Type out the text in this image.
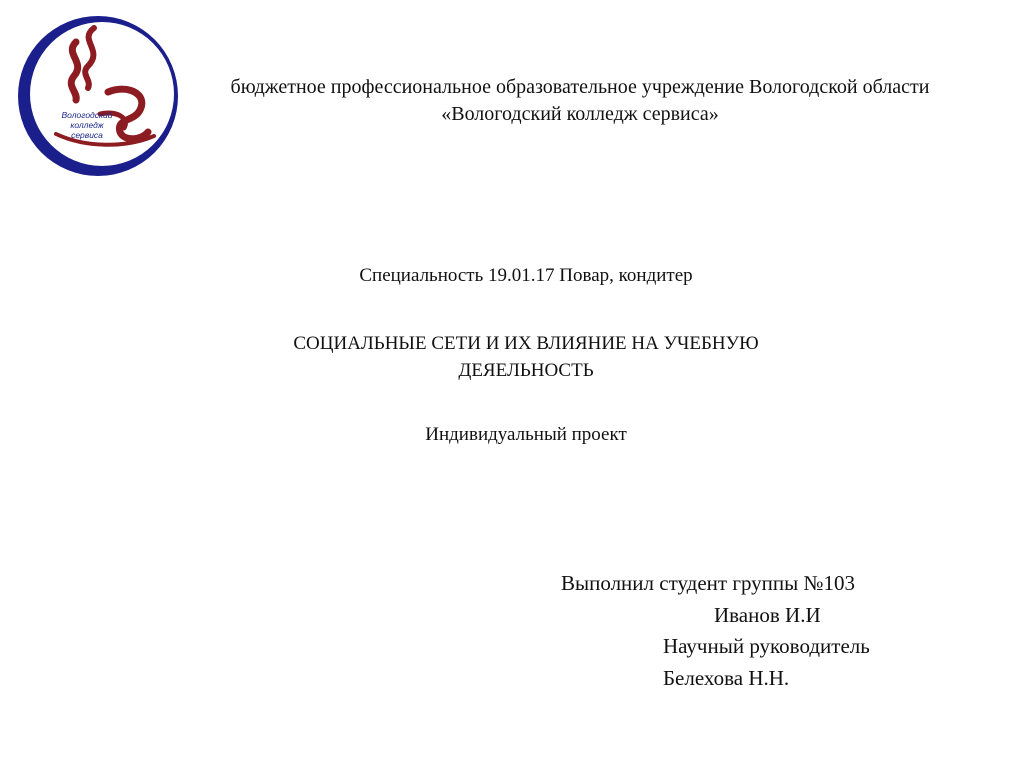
Вологодский
колледж
сервиса
бюджетное профессиональное образовательное учреждение Вологодской области «Вологодский колледж сервиса»
Специальность 19.01.17 Повар, кондитер
СОЦИАЛЬНЫЕ СЕТИ И ИХ ВЛИЯНИЕ НА УЧЕБНУЮ
ДЕЯЕЛЬНОСТЬ
Индивидуальный проект
Выполнил студент группы №103
Иванов И.И
Научный руководитель
Белехова Н.Н.
